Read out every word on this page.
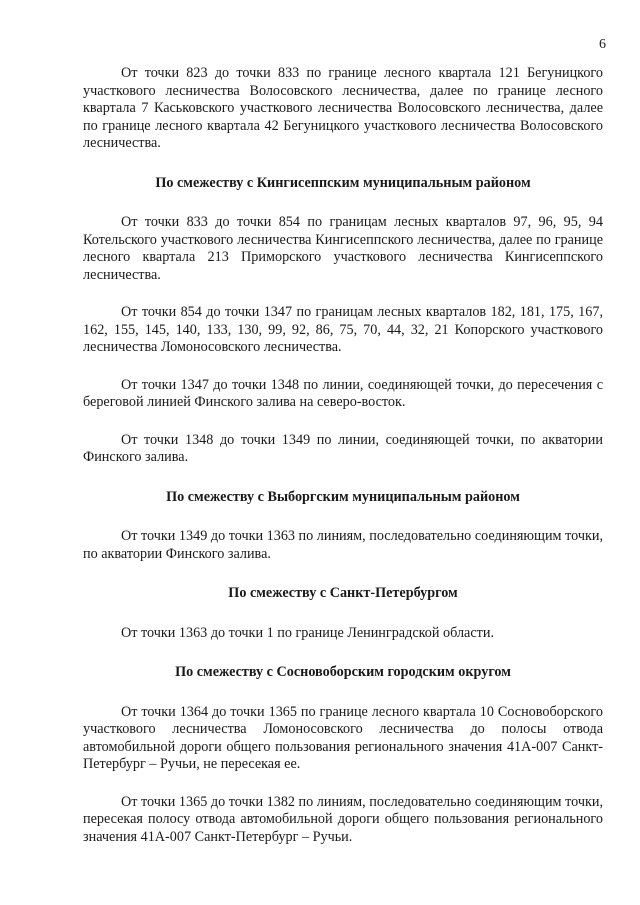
6

От точки 823 до точки 833 по границе лесного квартала 121 Бегуницкого участкового лесничества Волосовского лесничества, далее по границе лесного квартала 7 Каськовского участкового лесничества Волосовского лесничества, далее по границе лесного квартала 42 Бегуницкого участкового лесничества Волосовского лесничества.

По смежеству с Кингисеппским муниципальным районом

От точки 833 до точки 854 по границам лесных кварталов 97, 96, 95, 94 Котельского участкового лесничества Кингисеппского лесничества, далее по границе лесного квартала 213 Приморского участкового лесничества Кингисеппского лесничества.

От точки 854 до точки 1347 по границам лесных кварталов 182, 181, 175, 167, 162, 155, 145, 140, 133, 130, 99, 92, 86, 75, 70, 44, 32, 21 Копорского участкового лесничества Ломоносовского лесничества.

От точки 1347 до точки 1348 по линии, соединяющей точки, до пересечения с береговой линией Финского залива на северо-восток.

От точки 1348 до точки 1349 по линии, соединяющей точки, по акватории Финского залива.

По смежеству с Выборгским муниципальным районом

От точки 1349 до точки 1363 по линиям, последовательно соединяющим точки, по акватории Финского залива.

По смежеству с Санкт-Петербургом

От точки 1363 до точки 1 по границе Ленинградской области.

По смежеству с Сосновоборским городским округом

От точки 1364 до точки 1365 по границе лесного квартала 10 Сосновоборского участкового лесничества Ломоносовского лесничества до полосы отвода автомобильной дороги общего пользования регионального значения 41А-007 Санкт-Петербург – Ручьи, не пересекая ее.

От точки 1365 до точки 1382 по линиям, последовательно соединяющим точки, пересекая полосу отвода автомобильной дороги общего пользования регионального значения 41А-007 Санкт-Петербург – Ручьи.
